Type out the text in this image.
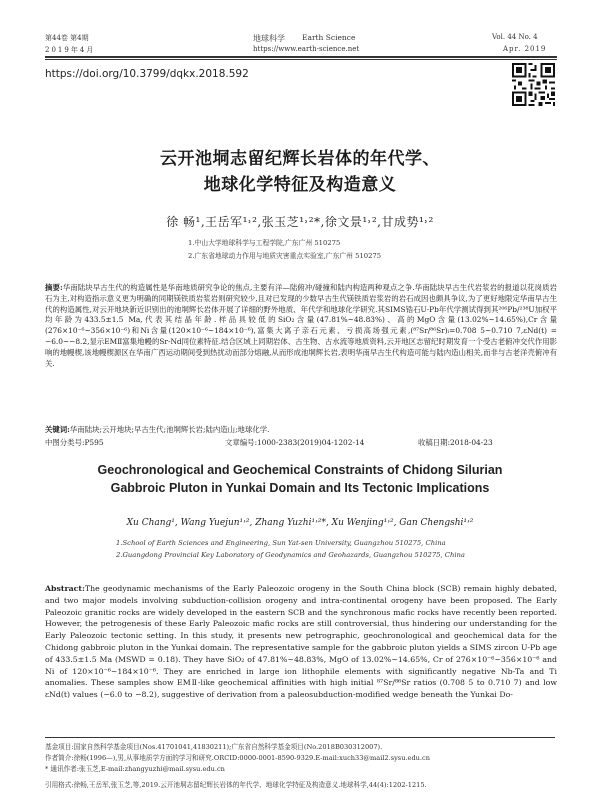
第44卷 第4期
2019年4月
地球科学 Earth Science
https://www.earth-science.net
Vol. 44 No. 4
Apr. 2019
https://doi.org/10.3799/dqkx.2018.592
云开池垌志留纪辉长岩体的年代学、
地球化学特征及构造意义
徐 畅¹,王岳军¹˒²,张玉芝¹˒²*,徐文景¹˒²,甘成势¹˒²
1.中山大学地球科学与工程学院,广东广州 510275
2.广东省地球动力作用与地质灾害重点实验室,广东广州 510275
摘要:华南陆块早古生代的构造属性是华南地质研究争论的焦点,主要有洋—陆俯冲/碰撞和陆内构造两种观点之争.华南陆块早古生代岩浆岩的报道以花岗质岩石为主,对构造指示意义更为明确的同期镁铁质岩浆岩则研究较少,且对已发现的少数早古生代镁铁质岩浆岩的岩石成因也颇具争议,为了更好地限定华南早古生代的构造属性,对云开地块新近识别出的池垌辉长岩体开展了详细的野外地质、年代学和地球化学研究.其SIMS锆石U-Pb年代学测试得到其²⁰⁶Pb/²³⁸U加权平均年龄为433.5±1.5 Ma,代表其结晶年龄.样品具较低的SiO₂含量(47.81%~48.83%)、高的MgO含量(13.02%~14.65%),Cr含量(276×10⁻⁶~356×10⁻⁶)和Ni含量(120×10⁻⁶~184×10⁻⁶),富集大离子亲石元素、亏损高场强元素,(⁸⁷Sr/⁸⁶Sr)ᵢ=0.708 5~0.710 7,εNd(t) = −6.0~−8.2,显示EMⅡ富集地幔的Sr-Nd同位素特征.结合区域上同期岩体、古生物、古水流等地质资料,云开地区志留纪时期发育一个受古老俯冲交代作用影响的地幔楔,该地幔楔源区在华南广西运动期间受到热扰动而部分熔融,从而形成池垌辉长岩,表明华南早古生代构造可能与陆内造山相关,而非与古老洋壳俯冲有关.
关键词:华南陆块;云开地块;早古生代;池垌辉长岩;陆内造山;地球化学.
中图分类号:P595	文章编号:1000-2383(2019)04-1202-14	收稿日期:2018-04-23
Geochronological and Geochemical Constraints of Chidong Silurian
Gabbroic Pluton in Yunkai Domain and Its Tectonic Implications
Xu Chang¹, Wang Yuejun¹˒², Zhang Yuzhi¹˒²*, Xu Wenjing¹˒², Gan Chengshi¹˒²
1.School of Earth Sciences and Engineering, Sun Yat-sen University, Guangzhou 510275, China
2.Guangdong Provincial Key Laboratory of Geodynamics and Geohazards, Guangzhou 510275, China
Abstract:The geodynamic mechanisms of the Early Paleozoic orogeny in the South China block (SCB) remain highly debated, and two major models involving subduction-collision orogeny and intra-continental orogeny have been proposed. The Early Paleozoic granitic rocks are widely developed in the eastern SCB and the synchronous mafic rocks have recently been reported. However, the petrogenesis of these Early Paleozoic mafic rocks are still controversial, thus hindering our understanding for the Early Paleozoic tectonic setting. In this study, it presents new petrographic, geochronological and geochemical data for the Chidong gabbroic pluton in the Yunkai domain. The representative sample for the gabbroic pluton yields a SIMS zircon U-Pb age of 433.5±1.5 Ma (MSWD = 0.18). They have SiO₂ of 47.81%~48.83%, MgO of 13.02%~14.65%, Cr of 276×10⁻⁶~356×10⁻⁶ and Ni of 120×10⁻⁶~184×10⁻⁶. They are enriched in large ion lithophile elements with significantly negative Nb-Ta and Ti anomalies. These samples show EMⅡ-like geochemical affinities with high initial ⁸⁷Sr/⁸⁶Sr ratios (0.708 5 to 0.710 7) and low εNd(t) values (−6.0 to −8.2), suggestive of derivation from a paleosubduction-modified wedge beneath the Yunkai Do-
基金项目:国家自然科学基金项目(Nos.41701041,41830211);广东省自然科学基金项目(No.2018B030312007).
作者简介:徐畅(1996—),男,从事地质学方面的学习和研究.ORCID:0000-0001-8590-9329.E-mail:xuch33@mail2.sysu.edu.cn
* 通讯作者:张玉芝,E-mail:zhangyuzhi@mail.sysu.edu.cn
引用格式:徐畅,王岳军,张玉芝,等,2019.云开池垌志留纪辉长岩体的年代学、地球化学特征及构造意义.地球科学,44(4):1202-1215.
